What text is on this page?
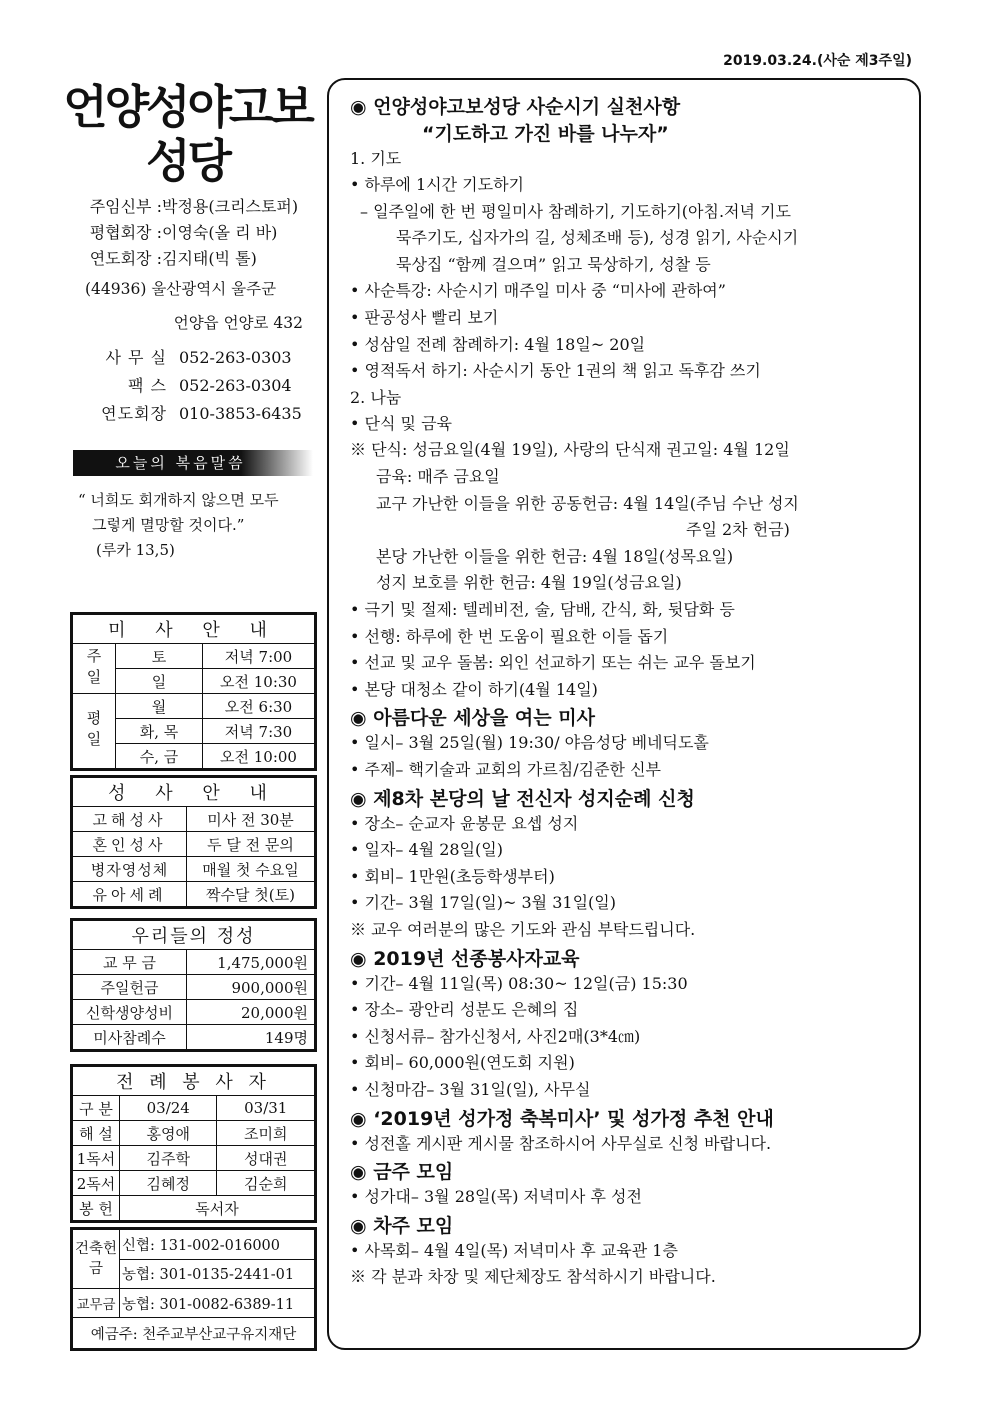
2019.03.24.(사순 제3주일)
언양성야고보
성당
주임신부 : 박정용(크리스토퍼)
평협회장 : 이영숙(올 리 바)
연도회장 : 김지태(빅 톨)
(44936) 울산광역시 울주군
언양읍 언양로 432
사 무 실 052-263-0303
팩 스 052-263-0304
연도회장 010-3853-6435
오늘의 복음말씀
“ 너희도 회개하지 않으면 모두
그렇게 멸망할 것이다.”
(루카 13,5)
미 사 안 내		
주일	토	저녁 7:00
	일	오전 10:30
평일	월	오전 6:30
	화, 목	저녁 7:30
	수, 금	오전 10:00
성 사 안 내	
고해성사	미사 전 30분
혼인성사	두 달 전 문의
병자영성체	매월 첫 수요일
유아세례	짝수달 첫(토)
우리들의 정성	
교 무 금	1,475,000원
주일헌금	900,000원
신학생양성비	20,000원
미사참례수	149명
전 례 봉 사 자		
구 분	03/24	03/31
해 설	홍영애	조미희
1독서	김주학	성대권
2독서	김혜정	김순희
봉 헌	독서자	
건축헌금	신협: 131-002-016000
	농협: 301-0135-2441-01
교무금	농협: 301-0082-6389-11
예금주: 천주교부산교구유지재단	
◉ 언양성야고보성당 사순시기 실천사항
“기도하고 가진 바를 나누자”
1. 기도
• 하루에 1시간 기도하기
– 일주일에 한 번 평일미사 참례하기, 기도하기(아침.저녁 기도
묵주기도, 십자가의 길, 성체조배 등), 성경 읽기, 사순시기
묵상집 “함께 걸으며” 읽고 묵상하기, 성찰 등
• 사순특강: 사순시기 매주일 미사 중 “미사에 관하여”
• 판공성사 빨리 보기
• 성삼일 전례 참례하기: 4월 18일~ 20일
• 영적독서 하기: 사순시기 동안 1권의 책 읽고 독후감 쓰기
2. 나눔
• 단식 및 금육
※ 단식: 성금요일(4월 19일), 사랑의 단식재 권고일: 4월 12일
금육: 매주 금요일
교구 가난한 이들을 위한 공동헌금: 4월 14일(주님 수난 성지
주일 2차 헌금)
본당 가난한 이들을 위한 헌금: 4월 18일(성목요일)
성지 보호를 위한 헌금: 4월 19일(성금요일)
• 극기 및 절제: 텔레비전, 술, 담배, 간식, 화, 뒷담화 등
• 선행: 하루에 한 번 도움이 필요한 이들 돕기
• 선교 및 교우 돌봄: 외인 선교하기 또는 쉬는 교우 돌보기
• 본당 대청소 같이 하기(4월 14일)
◉ 아름다운 세상을 여는 미사
• 일시– 3월 25일(월) 19:30/ 야음성당 베네딕도홀
• 주제– 핵기술과 교회의 가르침/김준한 신부
◉ 제8차 본당의 날 전신자 성지순례 신청
• 장소– 순교자 윤봉문 요셉 성지
• 일자– 4월 28일(일)
• 회비– 1만원(초등학생부터)
• 기간– 3월 17일(일)~ 3월 31일(일)
※ 교우 여러분의 많은 기도와 관심 부탁드립니다.
◉ 2019년 선종봉사자교육
• 기간– 4월 11일(목) 08:30~ 12일(금) 15:30
• 장소– 광안리 성분도 은혜의 집
• 신청서류– 참가신청서, 사진2매(3*4㎝)
• 회비– 60,000원(연도회 지원)
• 신청마감– 3월 31일(일), 사무실
◉ ‘2019년 성가정 축복미사’ 및 성가정 추천 안내
• 성전홀 게시판 게시물 참조하시어 사무실로 신청 바랍니다.
◉ 금주 모임
• 성가대– 3월 28일(목) 저녁미사 후 성전
◉ 차주 모임
• 사목회– 4월 4일(목) 저녁미사 후 교육관 1층
※ 각 분과 차장 및 제단체장도 참석하시기 바랍니다.
